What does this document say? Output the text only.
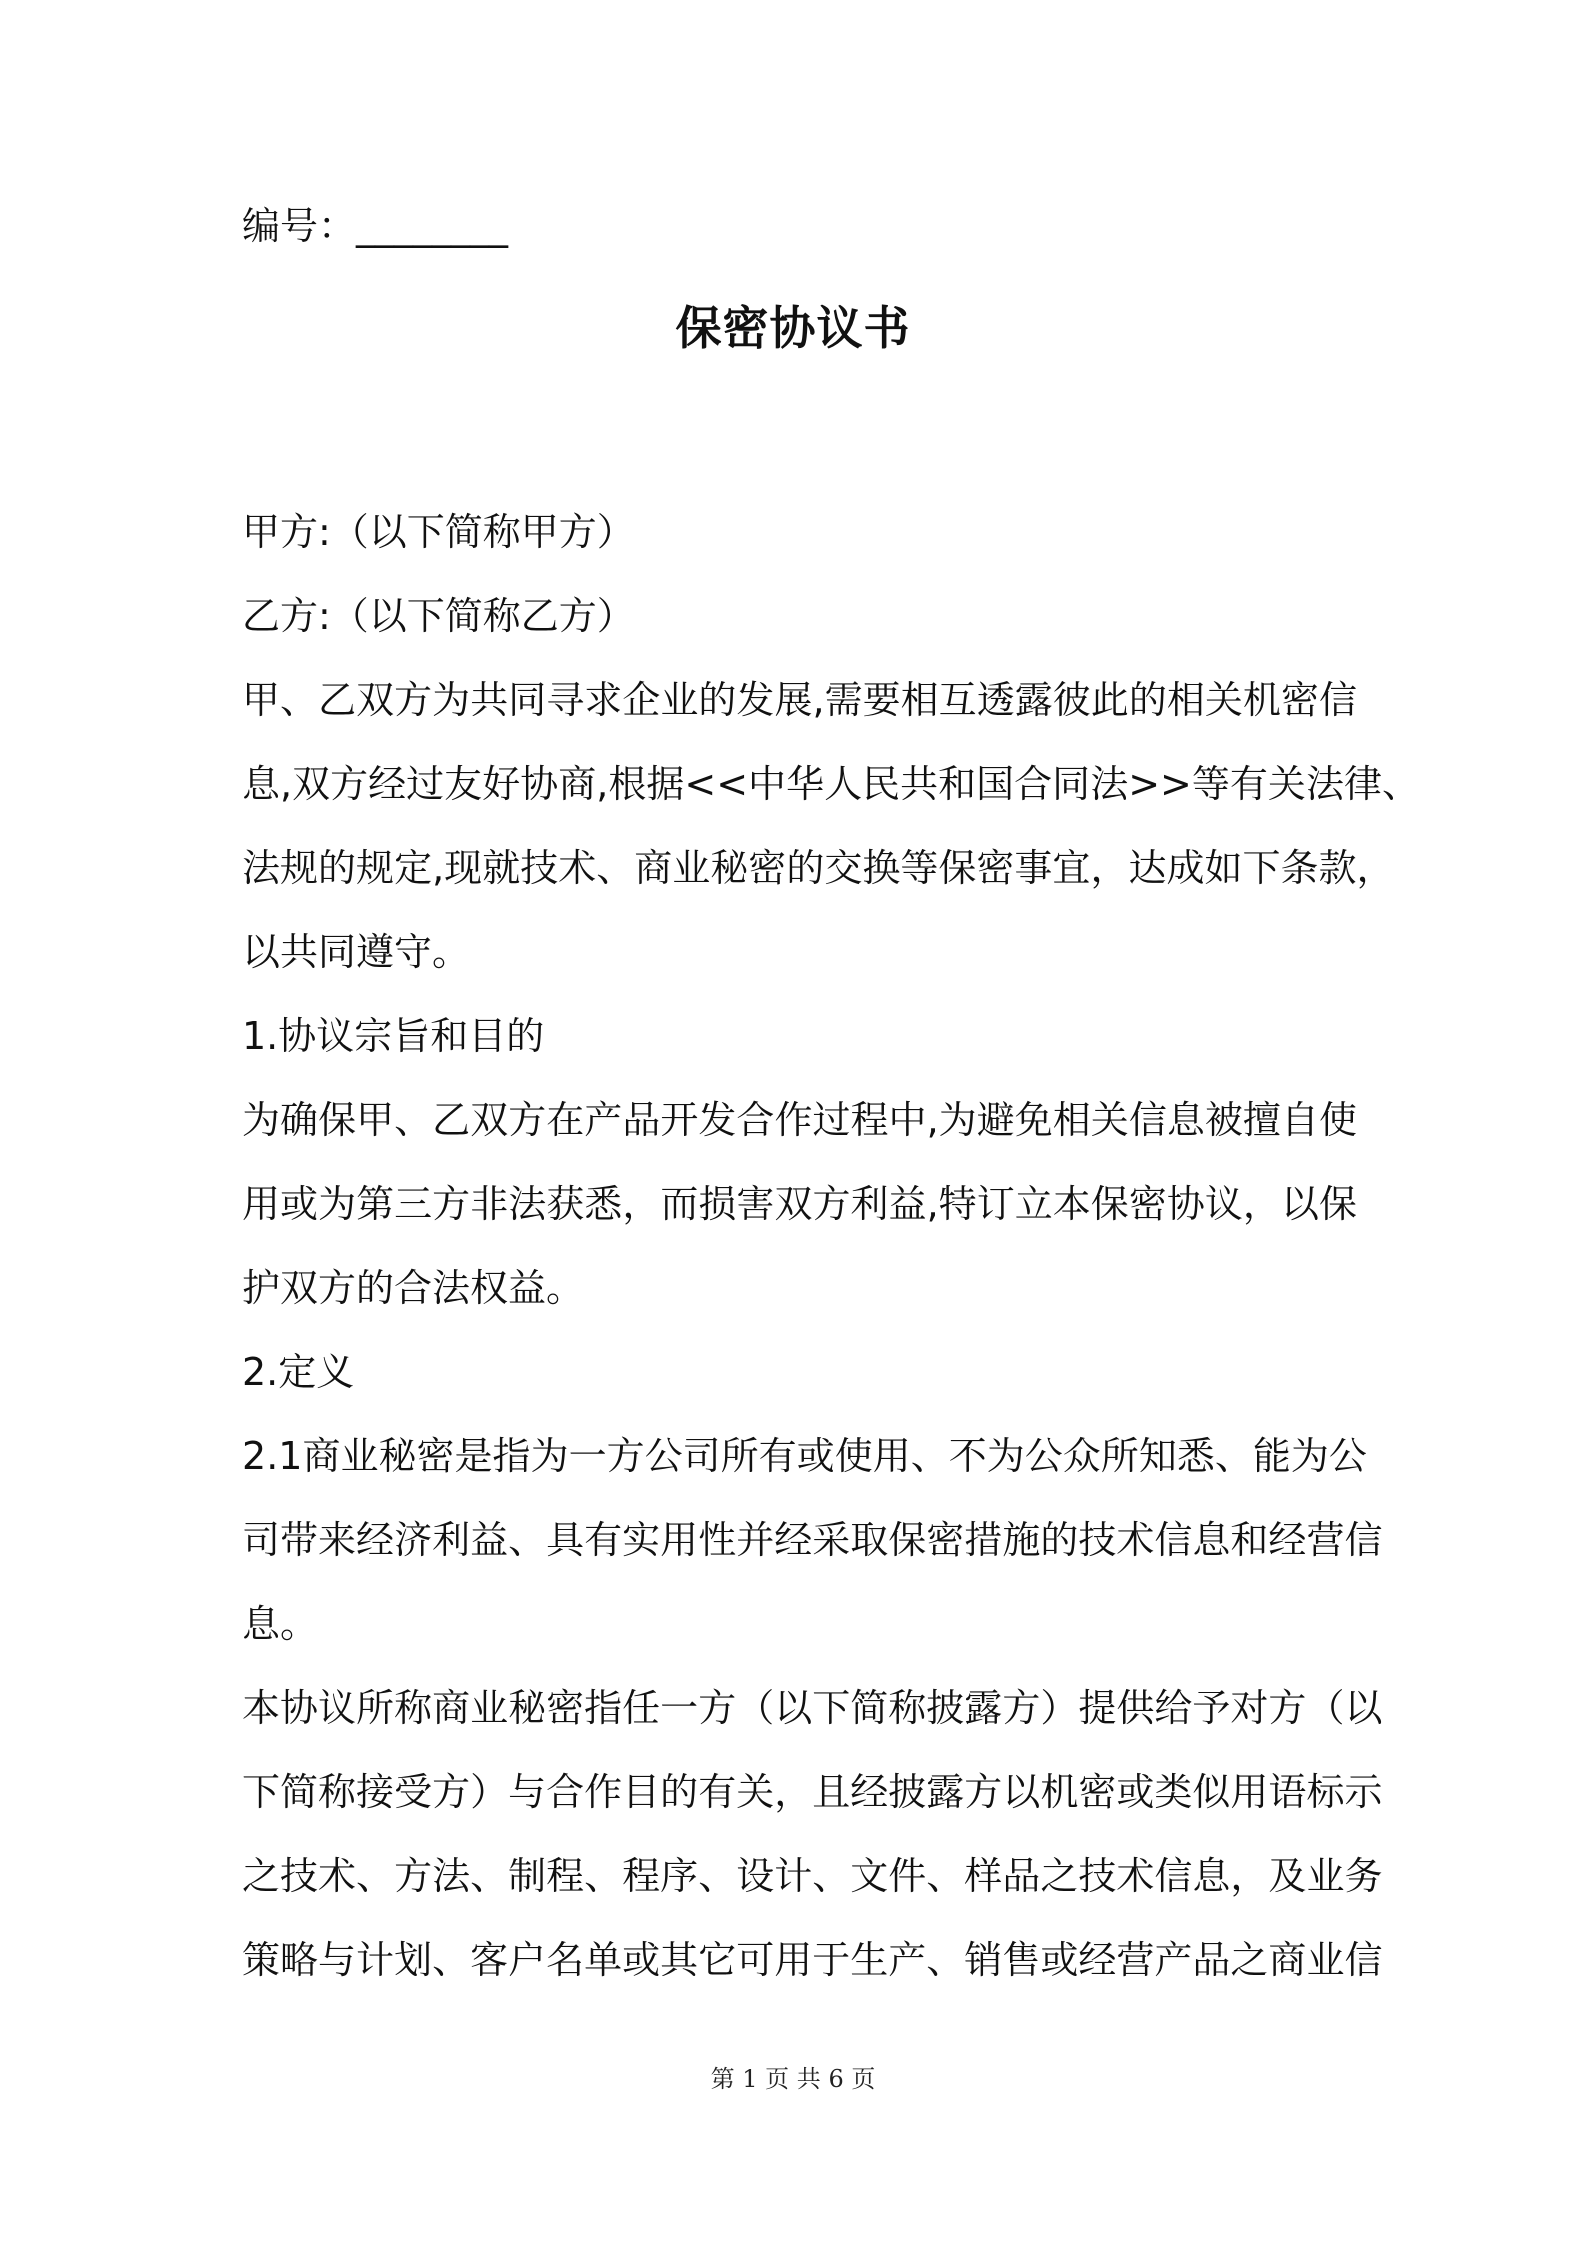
编号：________
保密协议书
甲方:（以下简称甲方）
乙方:（以下简称乙方）
甲 、 乙 双 方 为 共 同 寻 求 企 业 的 发 展 , 需 要 相 互 透 露 彼 此 的 相 关 机 密 信
息 , 双 方 经 过 友 好 协 商 , 根 据 < < 中 华 人 民 共 和 国 合 同 法 > > 等 有 关 法 律 、
法 规 的 规 定 , 现 就 技 术 、 商 业 秘 密 的 交 换 等 保 密 事 宜 ， 达 成 如 下 条 款 ，
以共同遵守。
1.协议宗旨和目的
为 确 保 甲 、 乙 双 方 在 产 品 开 发 合 作 过 程 中 , 为 避 免 相 关 信 息 被 擅 自 使
用 或 为 第 三 方 非 法 获 悉 ， 而 损 害 双 方 利 益 , 特 订 立 本 保 密 协 议 ， 以 保
护双方的合法权益。
2.定义
2 . 1 商 业 秘 密 是 指 为 一 方 公 司 所 有 或 使 用 、 不 为 公 众 所 知 悉 、 能 为 公
司 带 来 经 济 利 益 、 具 有 实 用 性 并 经 采 取 保 密 措 施 的 技 术 信 息 和 经 营 信
息。
本 协 议 所 称 商 业 秘 密 指 任 一 方 （ 以 下 简 称 披 露 方 ） 提 供 给 予 对 方 （ 以
下 简 称 接 受 方 ） 与 合 作 目 的 有 关 ， 且 经 披 露 方 以 机 密 或 类 似 用 语 标 示
之 技 术 、 方 法 、 制 程 、 程 序 、 设 计 、 文 件 、 样 品 之 技 术 信 息 ， 及 业 务
策 略 与 计 划 、 客 户 名 单 或 其 它 可 用 于 生 产 、 销 售 或 经 营 产 品 之 商 业 信
第 1 页 共 6 页
